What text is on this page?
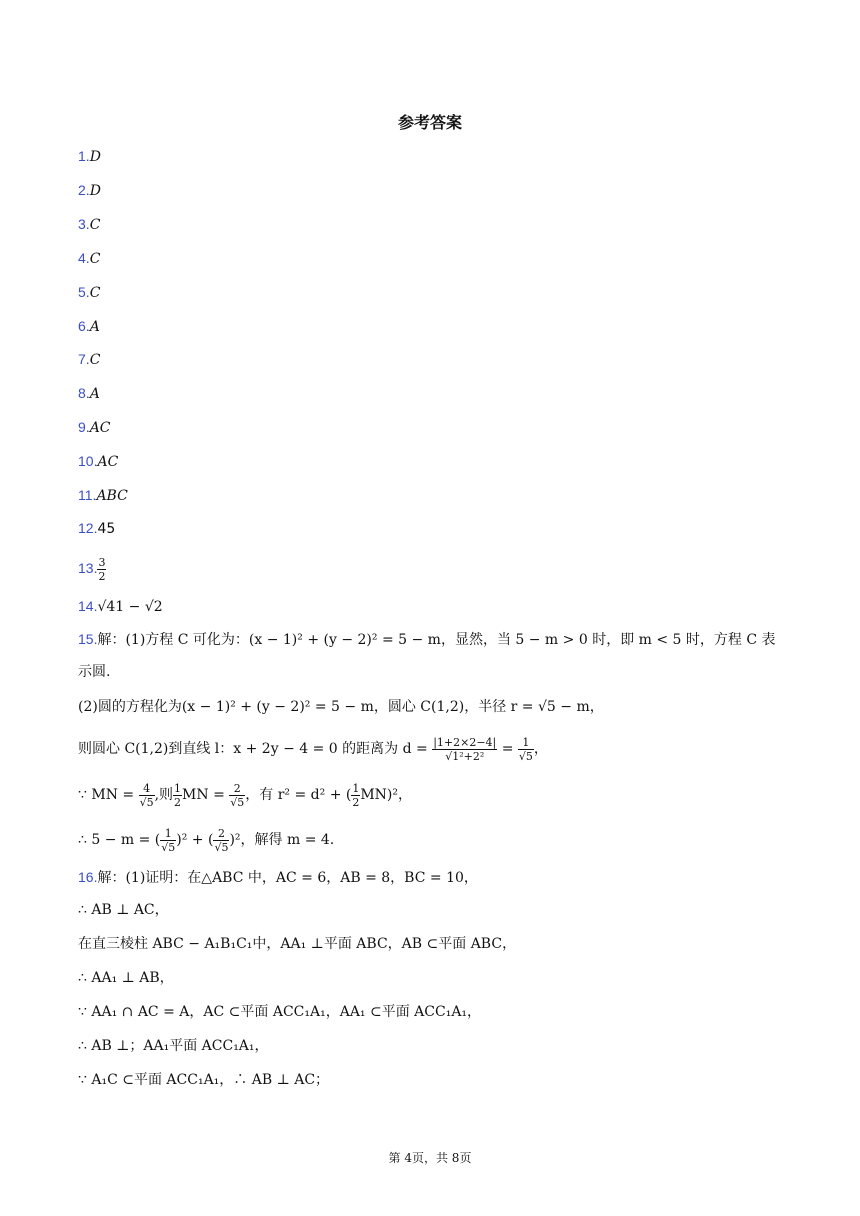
参考答案
1.D
2.D
3.C
4.C
5.C
6.A
7.C
8.A
9.AC
10.AC
11.ABC
12.45
13. $\frac{3}{2}$
14.√41 − √2
15.解：(1)方程 C 可化为：(x − 1)² + (y − 2)² = 5 − m，显然，当 5 − m > 0 时，即 m < 5 时，方程 C 表
示圆.
(2)圆的方程化为(x − 1)² + (y − 2)² = 5 − m，圆心 C(1,2)，半径 r = √5 − m，
则圆心 C(1,2)到直线 l：x + 2y − 4 = 0 的距离为 $d = \frac{|1+2\times 2-4|}{\text{√1²+2²}} = \frac{1}{√5}$ ，
∵ MN = $\frac{4}{√5}$ ,则 $\frac{1}{2}$ MN = $\frac{2}{√5}$ ，有 r² = d² + ( $\frac{1}{2} MN)^2$，
∴ 5 − m = ( $\frac{1}{√5} )^2$ + ( $\frac{2}{√5} )^2$，解得 m = 4.
16.解：(1)证明：在△ABC 中，AC = 6，AB = 8，BC = 10，
∴ AB ⊥ AC，
在直三棱柱 ABC − A₁B₁C₁中，AA₁ ⊥平面 ABC，AB ⊂平面 ABC，
∴ AA₁ ⊥ AB，
∵ AA₁ ∩ AC = A，AC ⊂平面 ACC₁A₁，AA₁ ⊂平面 ACC₁A₁，
∴ AB ⊥；AA₁平面 ACC₁A₁，
∵ A₁C ⊂平面 ACC₁A₁，∴ AB ⊥ AC；
第 4页，共 8页
